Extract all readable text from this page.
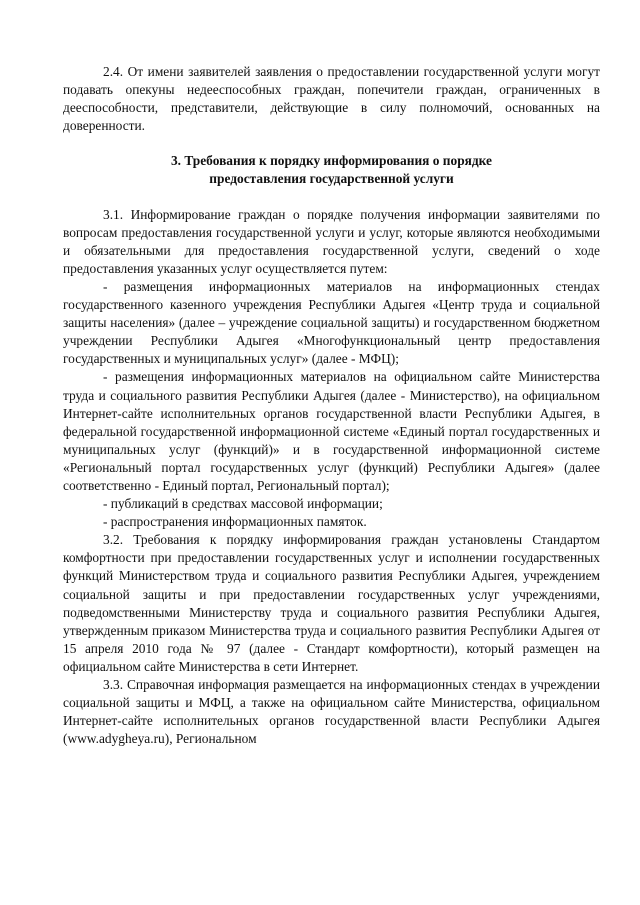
2.4. От имени заявителей заявления о предоставлении государственной услуги могут подавать опекуны недееспособных граждан, попечители граждан, ограниченных в дееспособности, представители, действующие в силу полномочий, основанных на доверенности.

3. Требования к порядку информирования о порядке
предоставления государственной услуги

3.1. Информирование граждан о порядке получения информации заявителями по вопросам предоставления государственной услуги и услуг, которые являются необходимыми и обязательными для предоставления государственной услуги, сведений о ходе предоставления указанных услуг осуществляется путем:

- размещения информационных материалов на информационных стендах государственного казенного учреждения Республики Адыгея «Центр труда и социальной защиты населения» (далее – учреждение социальной защиты) и государственном бюджетном учреждении Республики Адыгея «Многофункциональный центр предоставления государственных и муниципальных услуг» (далее - МФЦ);

- размещения информационных материалов на официальном сайте Министерства труда и социального развития Республики Адыгея (далее - Министерство), на официальном Интернет-сайте исполнительных органов государственной власти Республики Адыгея, в федеральной государственной информационной системе «Единый портал государственных и муниципальных услуг (функций)» и в государственной информационной системе «Региональный портал государственных услуг (функций) Республики Адыгея» (далее соответственно - Единый портал, Региональный портал);

- публикаций в средствах массовой информации;

- распространения информационных памяток.

3.2. Требования к порядку информирования граждан установлены Стандартом комфортности при предоставлении государственных услуг и исполнении государственных функций Министерством труда и социального развития Республики Адыгея, учреждением социальной защиты и при предоставлении государственных услуг учреждениями, подведомственными Министерству труда и социального развития Республики Адыгея, утвержденным приказом Министерства труда и социального развития Республики Адыгея от 15 апреля 2010 года № 97 (далее - Стандарт комфортности), который размещен на официальном сайте Министерства в сети Интернет.

3.3. Справочная информация размещается на информационных стендах в учреждении социальной защиты и МФЦ, а также на официальном сайте Министерства, официальном Интернет-сайте исполнительных органов государственной власти Республики Адыгея (www.adygheya.ru), Региональном
